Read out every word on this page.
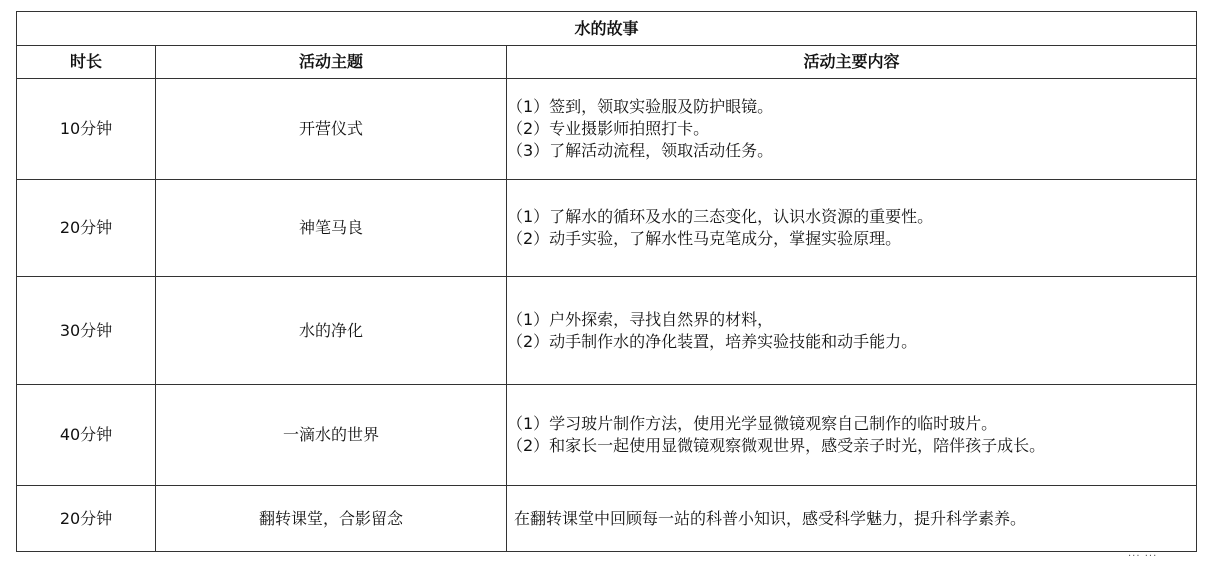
水的故事		
时长	活动主题	活动主要内容
10分钟	开营仪式	（1）签到，领取实验服及防护眼镜。
（2）专业摄影师拍照打卡。
（3）了解活动流程，领取活动任务。

20分钟	神笔马良	（1）了解水的循环及水的三态变化，认识水资源的重要性。
（2）动手实验，了解水性马克笔成分，掌握实验原理。

30分钟	水的净化	（1）户外探索，寻找自然界的材料，
（2）动手制作水的净化装置，培养实验技能和动手能力。

40分钟	一滴水的世界	（1）学习玻片制作方法，使用光学显微镜观察自己制作的临时玻片。
（2）和家长一起使用显微镜观察微观世界，感受亲子时光，陪伴孩子成长。

20分钟	翻转课堂，合影留念	在翻转课堂中回顾每一站的科普小知识，感受科学魅力，提升科学素养。
... ...
